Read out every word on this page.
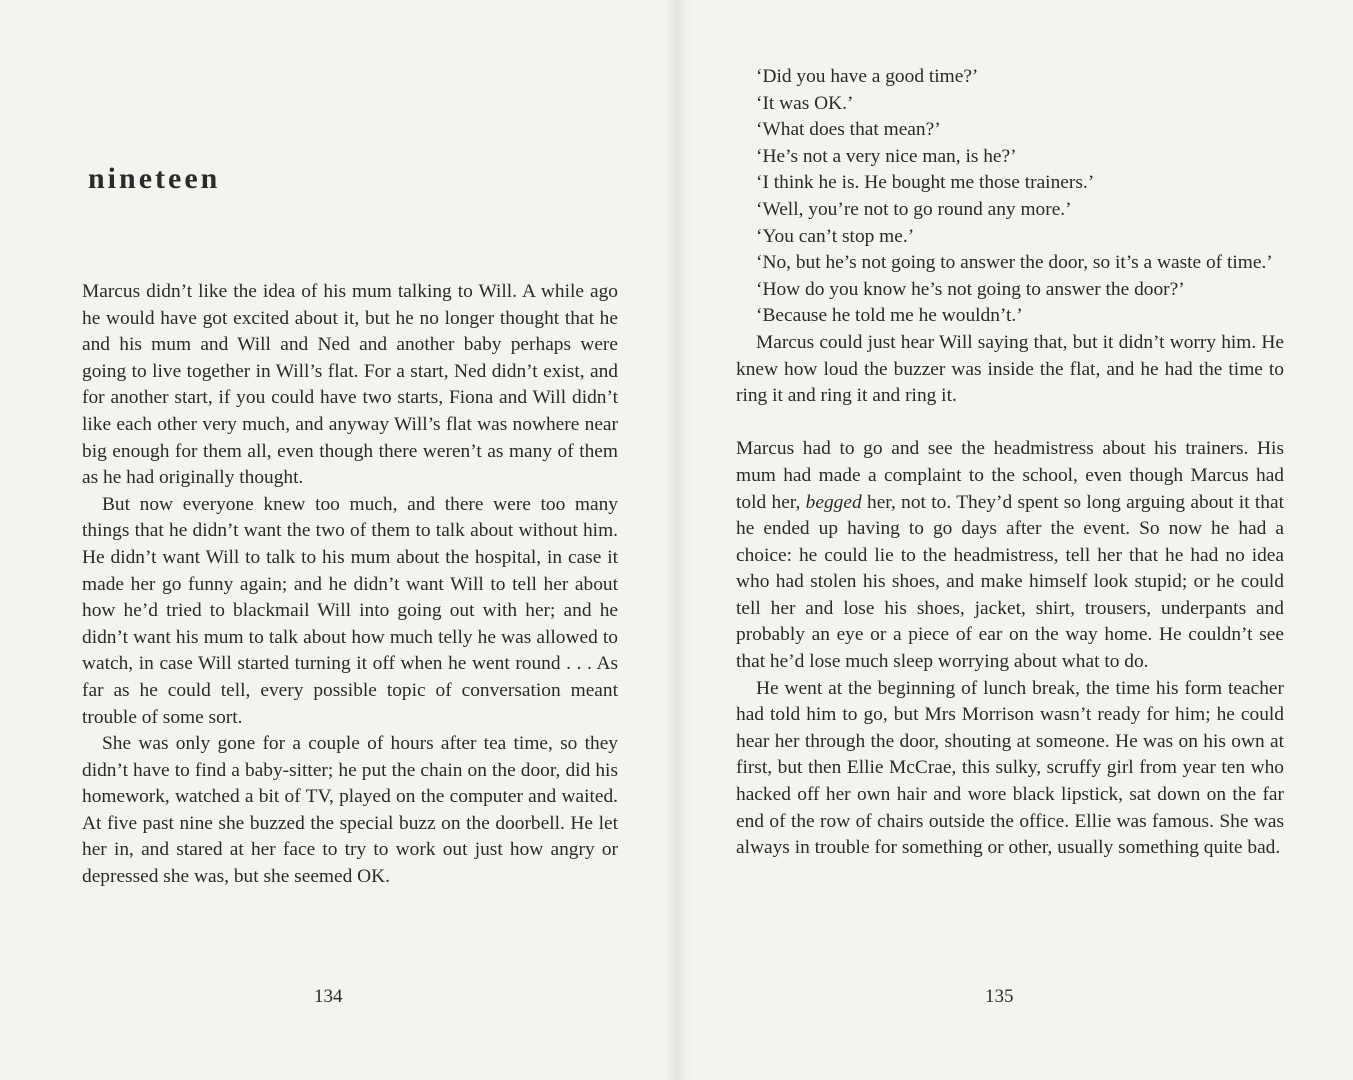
nineteen

Marcus didn’t like the idea of his mum talking to Will. A while ago he would have got excited about it, but he no longer thought that he and his mum and Will and Ned and another baby perhaps were going to live together in Will’s flat. For a start, Ned didn’t exist, and for another start, if you could have two starts, Fiona and Will didn’t like each other very much, and anyway Will’s flat was nowhere near big enough for them all, even though there weren’t as many of them as he had originally thought.

But now everyone knew too much, and there were too many things that he didn’t want the two of them to talk about without him. He didn’t want Will to talk to his mum about the hospital, in case it made her go funny again; and he didn’t want Will to tell her about how he’d tried to blackmail Will into going out with her; and he didn’t want his mum to talk about how much telly he was allowed to watch, in case Will started turning it off when he went round . . . As far as he could tell, every possible topic of conversation meant trouble of some sort.

She was only gone for a couple of hours after tea time, so they didn’t have to find a baby-sitter; he put the chain on the door, did his homework, watched a bit of TV, played on the computer and waited. At five past nine she buzzed the special buzz on the doorbell. He let her in, and stared at her face to try to work out just how angry or depressed she was, but she seemed OK.

134

‘Did you have a good time?’

‘It was OK.’

‘What does that mean?’

‘He’s not a very nice man, is he?’

‘I think he is. He bought me those trainers.’

‘Well, you’re not to go round any more.’

‘You can’t stop me.’

‘No, but he’s not going to answer the door, so it’s a waste of time.’

‘How do you know he’s not going to answer the door?’

‘Because he told me he wouldn’t.’

Marcus could just hear Will saying that, but it didn’t worry him. He knew how loud the buzzer was inside the flat, and he had the time to ring it and ring it and ring it.

Marcus had to go and see the headmistress about his trainers. His mum had made a complaint to the school, even though Marcus had told her, begged her, not to. They’d spent so long arguing about it that he ended up having to go days after the event. So now he had a choice: he could lie to the headmistress, tell her that he had no idea who had stolen his shoes, and make himself look stupid; or he could tell her and lose his shoes, jacket, shirt, trousers, underpants and probably an eye or a piece of ear on the way home. He couldn’t see that he’d lose much sleep worrying about what to do.

He went at the beginning of lunch break, the time his form teacher had told him to go, but Mrs Morrison wasn’t ready for him; he could hear her through the door, shouting at someone. He was on his own at first, but then Ellie McCrae, this sulky, scruffy girl from year ten who hacked off her own hair and wore black lipstick, sat down on the far end of the row of chairs outside the office. Ellie was famous. She was always in trouble for something or other, usually something quite bad.

135
